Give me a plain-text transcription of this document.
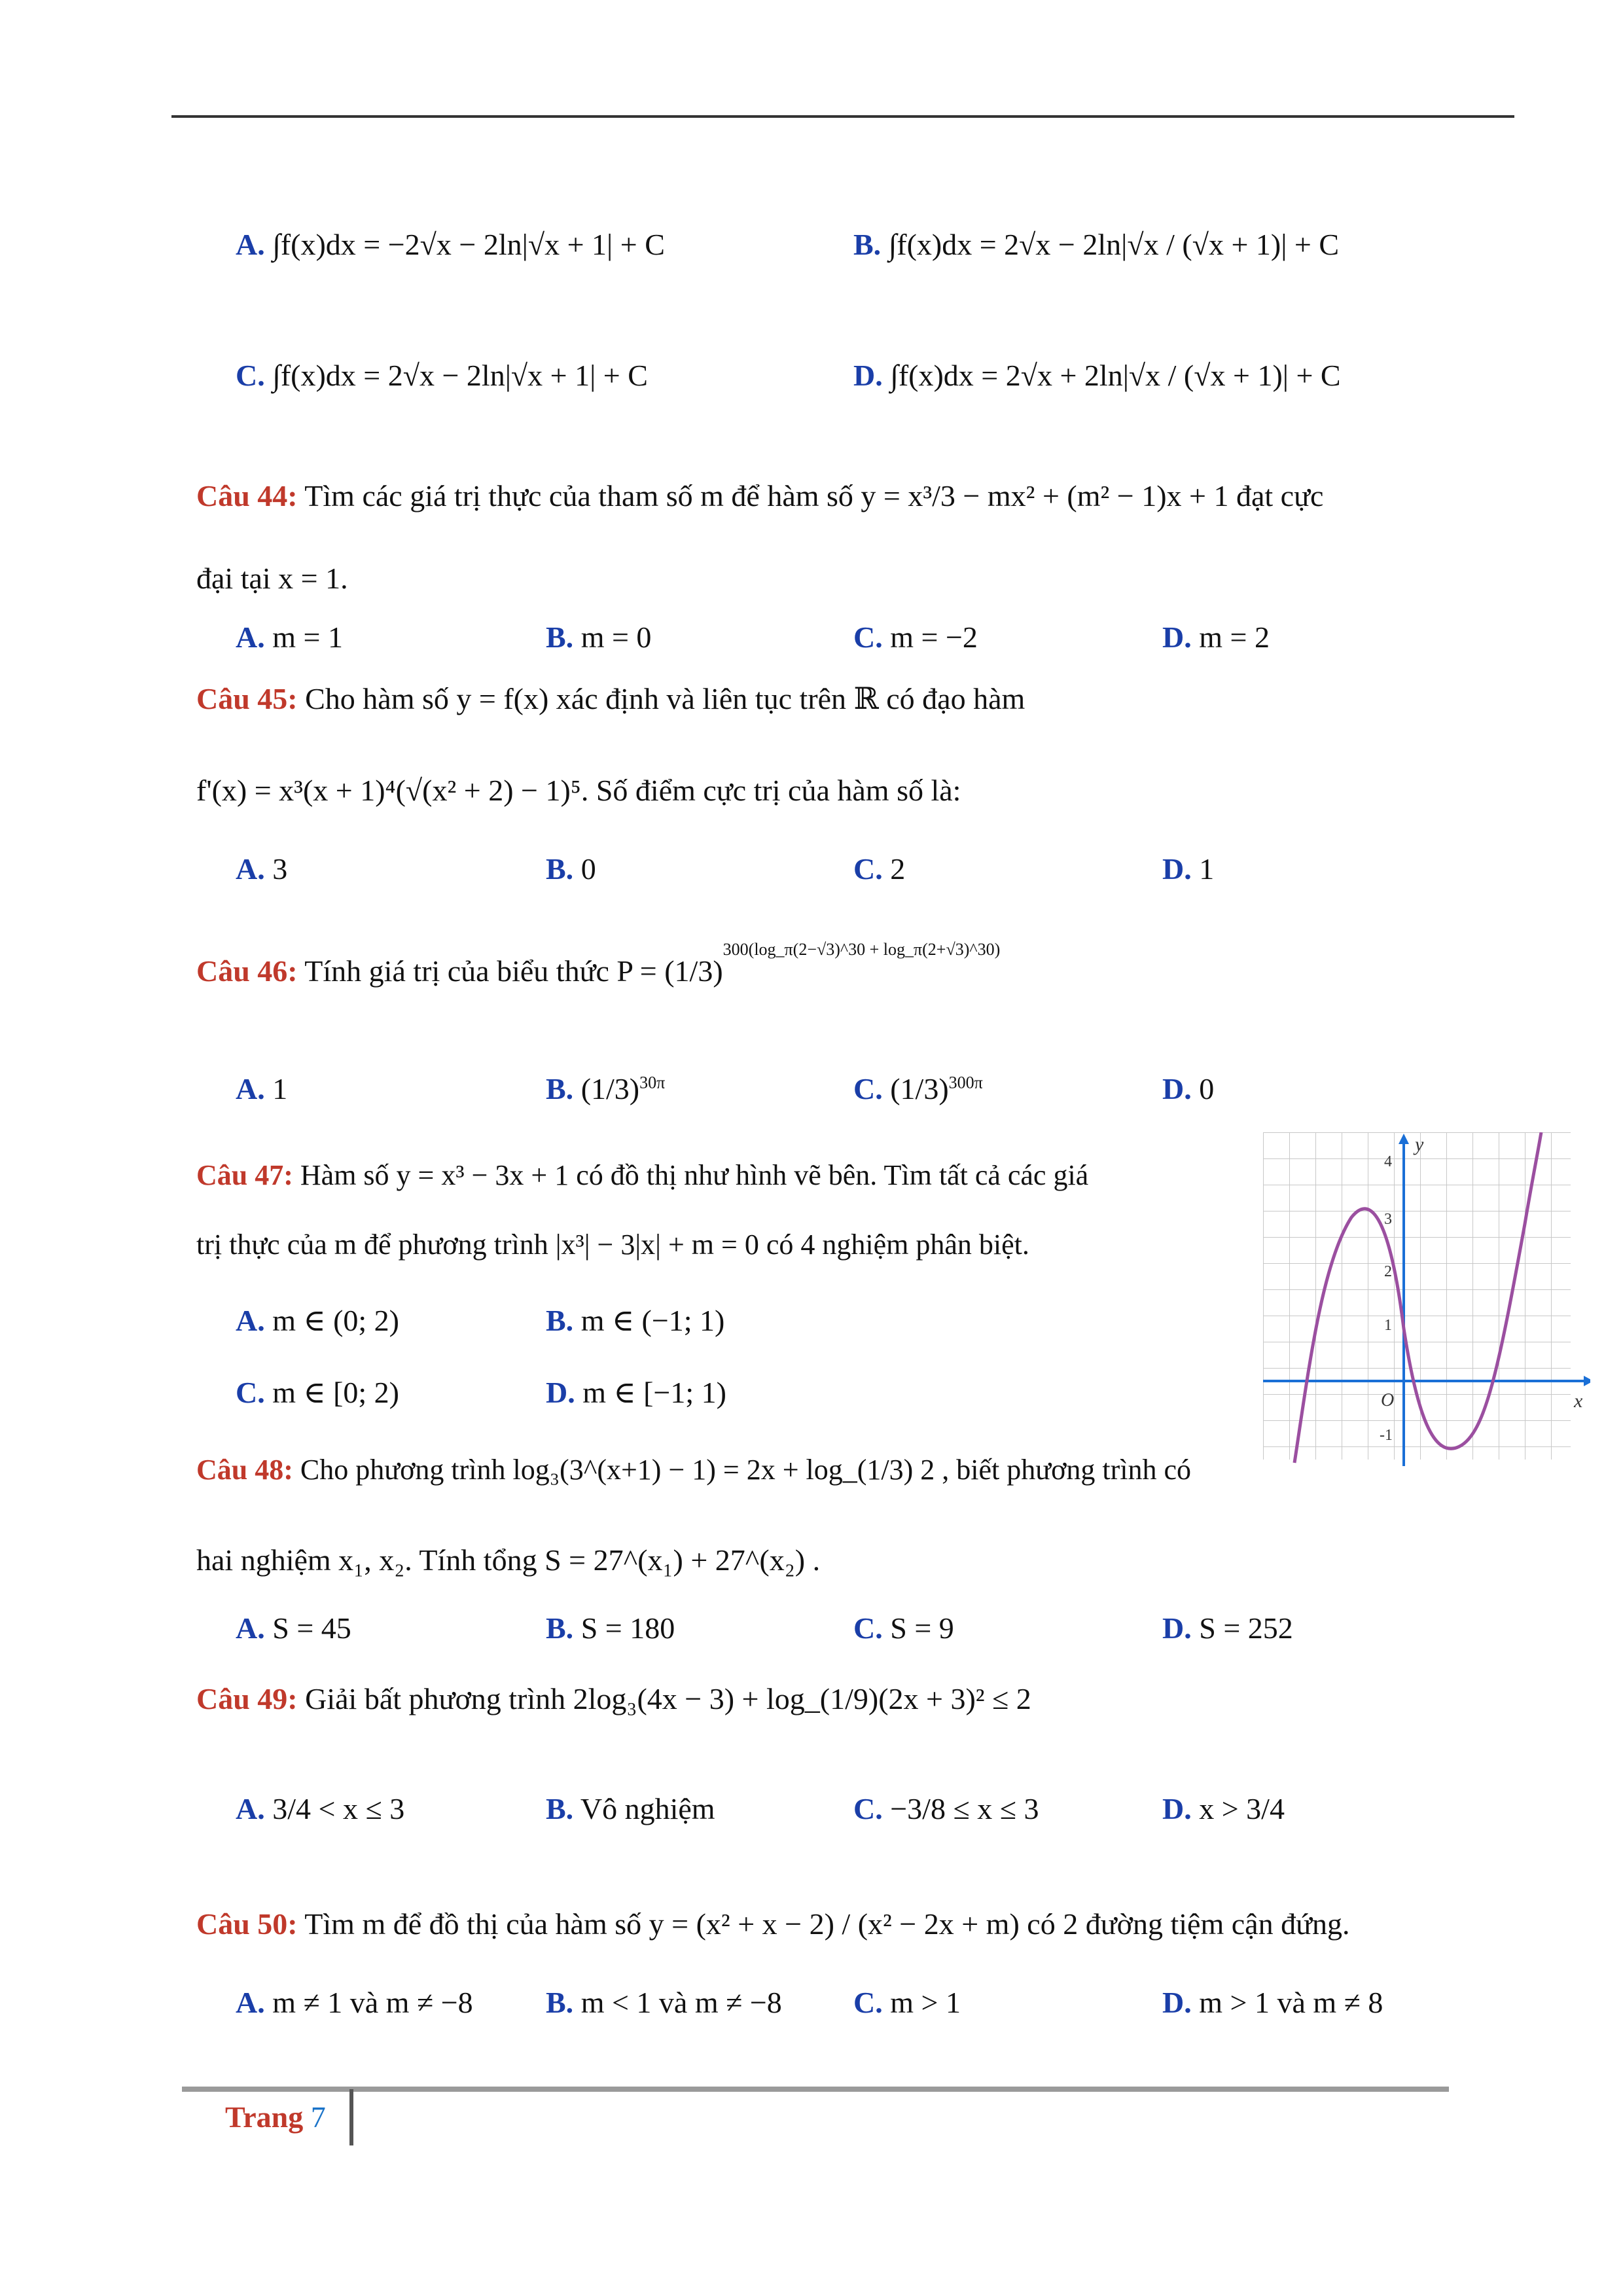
A. ∫f(x)dx = −2√x − 2ln|√x + 1| + C	B. ∫f(x)dx = 2√x − 2ln|√x / (√x + 1)| + C
C. ∫f(x)dx = 2√x − 2ln|√x + 1| + C	D. ∫f(x)dx = 2√x + 2ln|√x / (√x + 1)| + C
Câu 44: Tìm các giá trị thực của tham số m để hàm số y = x³/3 − mx² + (m² − 1)x + 1 đạt cực
đại tại x = 1.
A. m = 1	B. m = 0	C. m = −2	D. m = 2
Câu 45: Cho hàm số y = f(x) xác định và liên tục trên ℝ có đạo hàm
f'(x) = x³(x + 1)⁴(√(x² + 2) − 1)⁵. Số điểm cực trị của hàm số là:
A. 3	B. 0	C. 2	D. 1
Câu 46: Tính giá trị của biểu thức $P = (1/3)^{300(log\_\pi(2-√3)\^{}30 + log\_\pi(2+√3)\^{}30)}$
A. 1	B. $(1/3)^{30\pi}$	C. $(1/3)^{300\pi}$	D. 0
Câu 47: Hàm số y = x³ − 3x + 1 có đồ thị như hình vẽ bên. Tìm tất cả các giá
trị thực của m để phương trình |x³| − 3|x| + m = 0 có 4 nghiệm phân biệt.
A. m ∈ (0; 2)	B. m ∈ (−1; 1)
C. m ∈ [0; 2)	D. m ∈ [−1; 1)	x
y
O
4
3
2
1
-1
Câu 48: Cho phương trình log₃(3^(x+1) − 1) = 2x + log_(1/3) 2 , biết phương trình có
hai nghiệm x₁, x₂. Tính tổng S = 27^(x₁) + 27^(x₂) .
A. S = 45	B. S = 180	C. S = 9	D. S = 252
Câu 49: Giải bất phương trình 2log₃(4x − 3) + log_(1/9)(2x + 3)² ≤ 2
A. 3/4 < x ≤ 3	B. Vô nghiệm	C. −3/8 ≤ x ≤ 3	D. x > 3/4
Câu 50: Tìm m để đồ thị của hàm số y = (x² + x − 2) / (x² − 2x + m) có 2 đường tiệm cận đứng.
A. m ≠ 1 và m ≠ −8 B. m < 1 và m ≠ −8 C. m > 1	D. m > 1 và m ≠ 8
Trang 7
